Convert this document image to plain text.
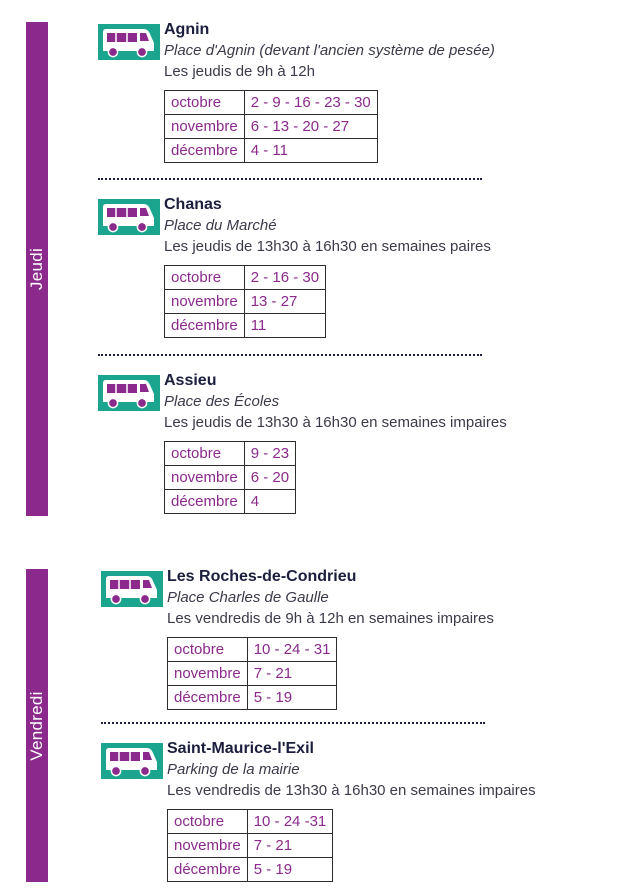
Jeudi
Vendredi
Agnin
Place d'Agnin (devant l'ancien système de pesée)
Les jeudis de 9h à 12h
octobre	2 - 9 - 16 - 23 - 30
novembre	6 - 13 - 20 - 27
décembre	4 - 11
Chanas
Place du Marché
Les jeudis de 13h30 à 16h30 en semaines paires
octobre	2 - 16 - 30
novembre	13 - 27
décembre	11
Assieu
Place des Écoles
Les jeudis de 13h30 à 16h30 en semaines impaires
octobre	9 - 23
novembre	6 - 20
décembre	4
Les Roches-de-Condrieu
Place Charles de Gaulle
Les vendredis de 9h à 12h en semaines impaires
octobre	10 - 24 - 31
novembre	7 - 21
décembre	5 - 19
Saint-Maurice-l'Exil
Parking de la mairie
Les vendredis de 13h30 à 16h30 en semaines impaires
octobre	10 - 24 -31
novembre	7 - 21
décembre	5 - 19
